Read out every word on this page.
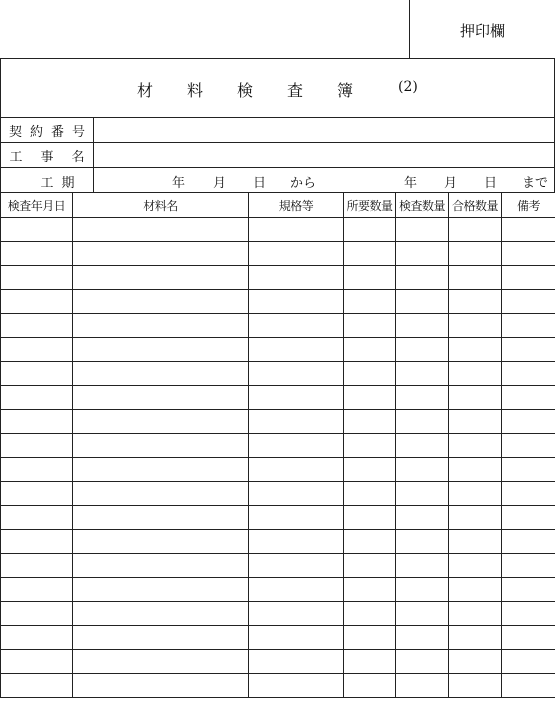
押印欄
材 料 検 査 簿	(2)
契 約 番 号
工 事 名
工 期	年 月 日 から	年 月 日 まで
検査年月日	材料名	規格等	所要数量	検査数量	合格数量	備考
